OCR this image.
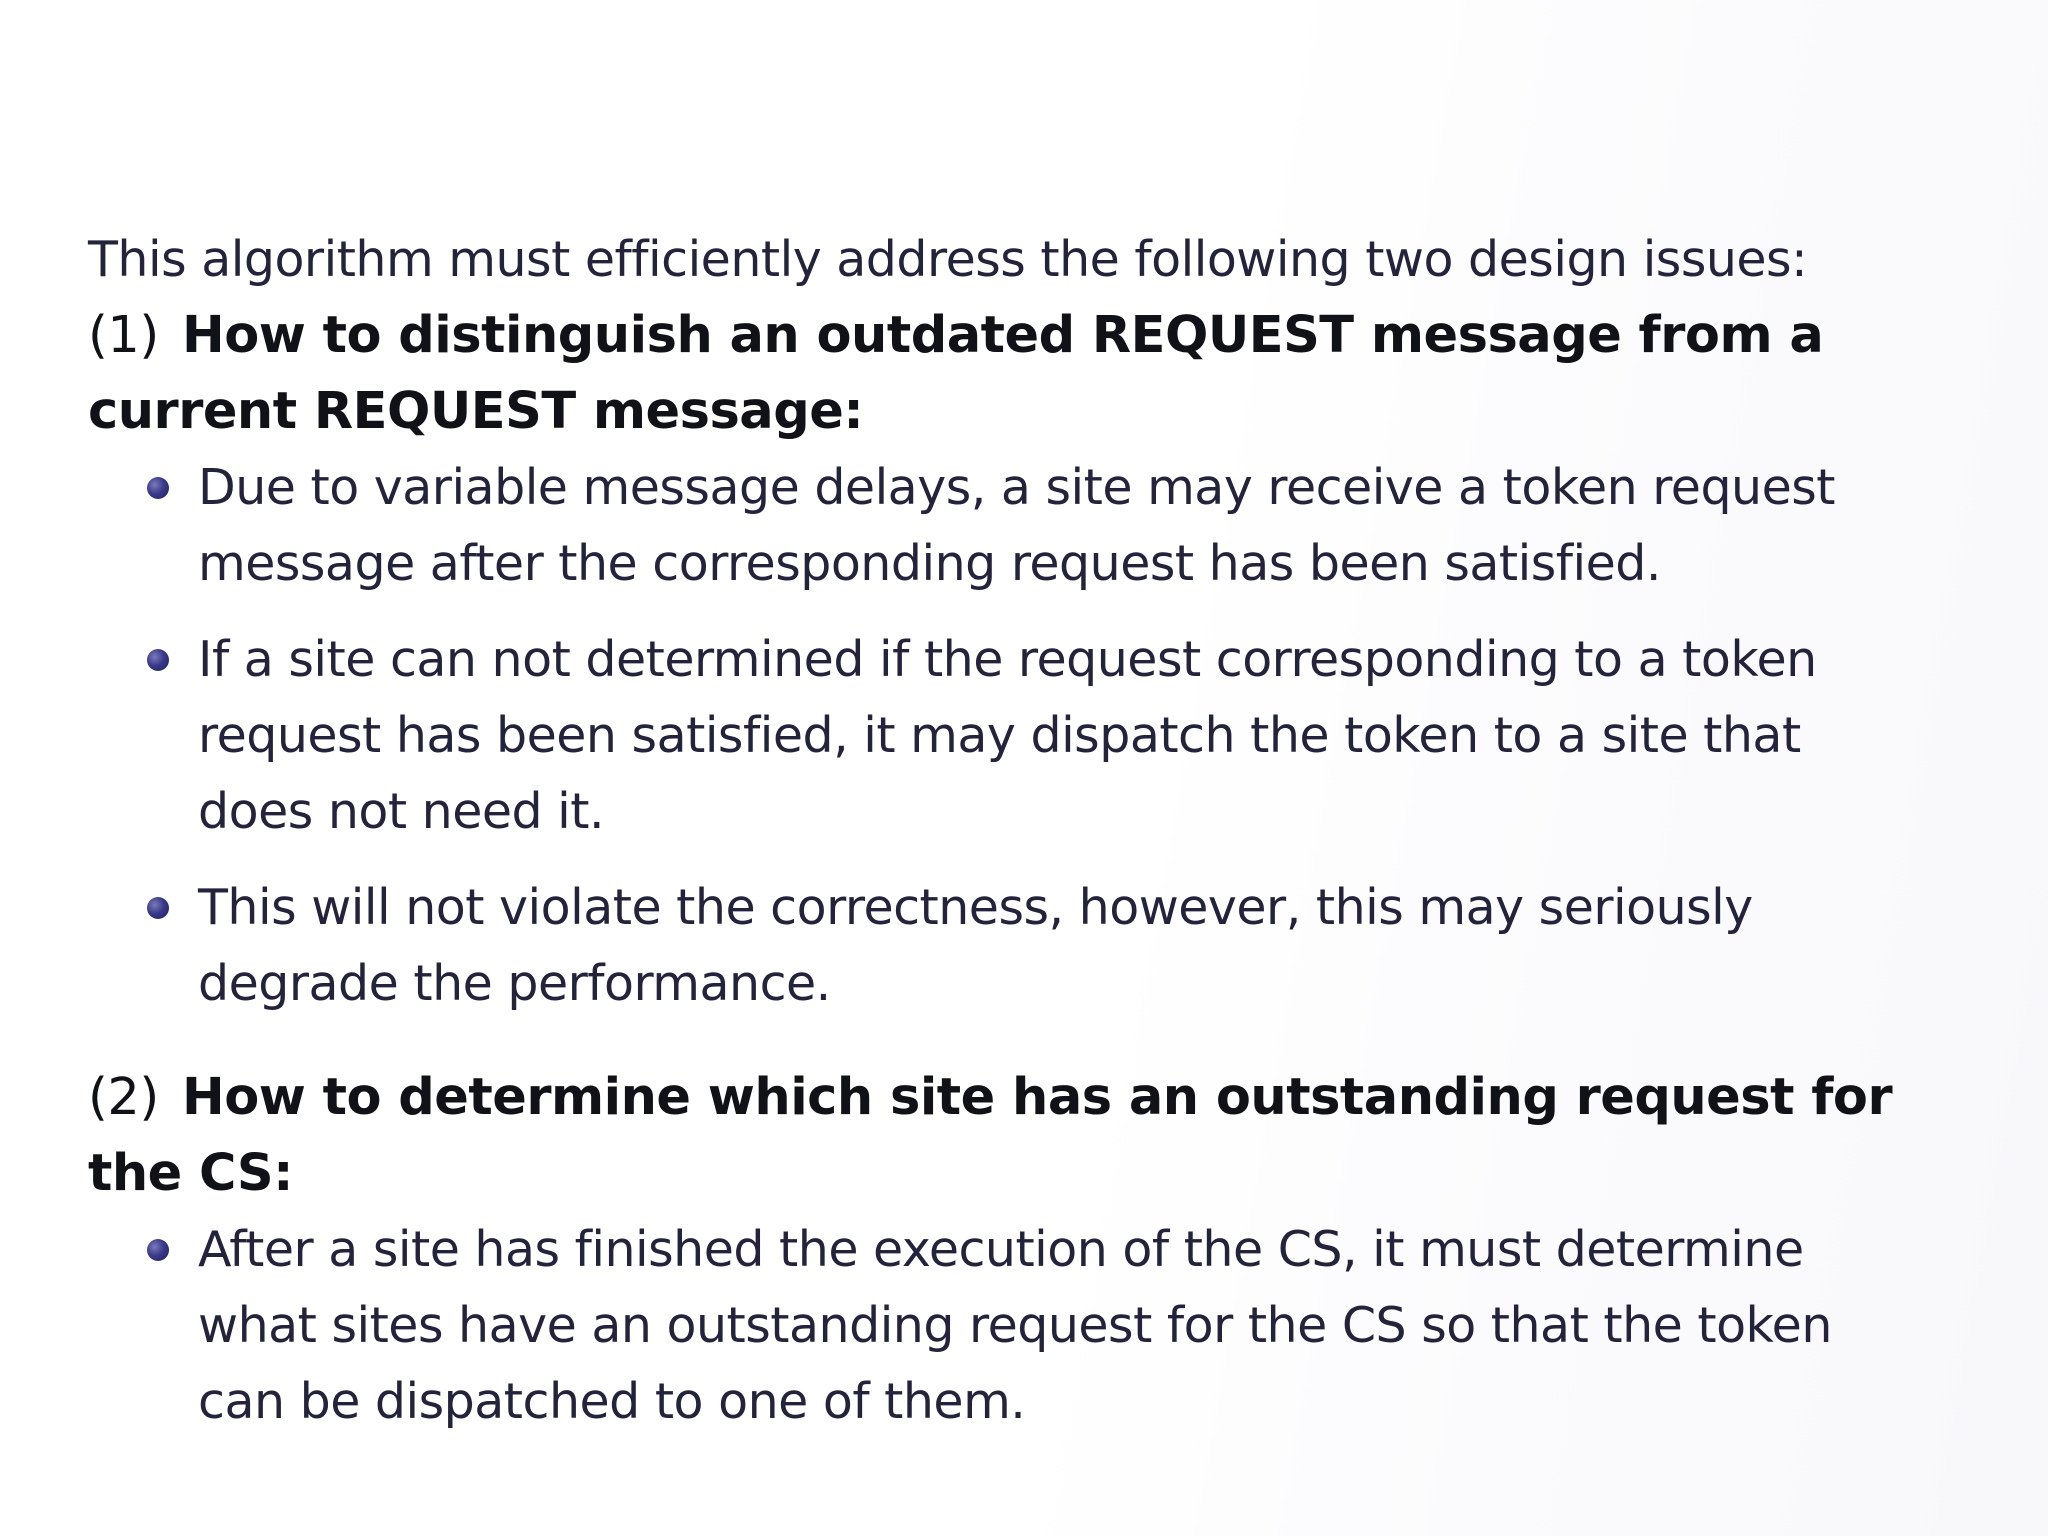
This algorithm must efficiently address the following two design issues:
(1) How to distinguish an outdated REQUEST message from a current REQUEST message:
Due to variable message delays, a site may receive a token request message after the corresponding request has been satisfied.
If a site can not determined if the request corresponding to a token request has been satisfied, it may dispatch the token to a site that does not need it.
This will not violate the correctness, however, this may seriously degrade the performance.
(2) How to determine which site has an outstanding request for the CS:
After a site has finished the execution of the CS, it must determine what sites have an outstanding request for the CS so that the token can be dispatched to one of them.
